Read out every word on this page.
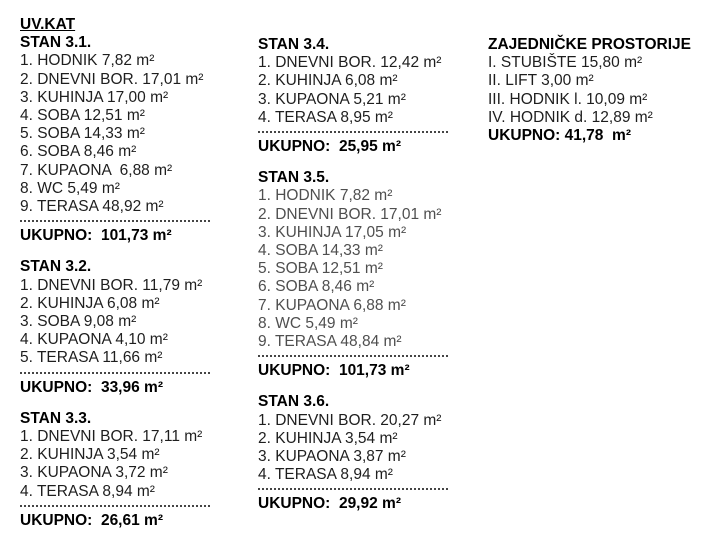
UV.KAT
STAN 3.1.
1. HODNIK 7,82 m²
2. DNEVNI BOR. 17,01 m²
3. KUHINJA 17,00 m²
4. SOBA 12,51 m²
5. SOBA 14,33 m²
6. SOBA 8,46 m²
7. KUPAONA  6,88 m²
8. WC 5,49 m²
9. TERASA 48,92 m²
UKUPNO:  101,73 m²
STAN 3.2.
1. DNEVNI BOR. 11,79 m²
2. KUHINJA 6,08 m²
3. SOBA 9,08 m²
4. KUPAONA 4,10 m²
5. TERASA 11,66 m²
UKUPNO:  33,96 m²
STAN 3.3.
1. DNEVNI BOR. 17,11 m²
2. KUHINJA 3,54 m²
3. KUPAONA 3,72 m²
4. TERASA 8,94 m²
UKUPNO:  26,61 m²
STAN 3.4.
1. DNEVNI BOR. 12,42 m²
2. KUHINJA 6,08 m²
3. KUPAONA 5,21 m²
4. TERASA 8,95 m²
UKUPNO:  25,95 m²
STAN 3.5.
1. HODNIK 7,82 m²
2. DNEVNI BOR. 17,01 m²
3. KUHINJA 17,05 m²
4. SOBA 14,33 m²
5. SOBA 12,51 m²
6. SOBA 8,46 m²
7. KUPAONA 6,88 m²
8. WC 5,49 m²
9. TERASA 48,84 m²
UKUPNO:  101,73 m²
STAN 3.6.
1. DNEVNI BOR. 20,27 m²
2. KUHINJA 3,54 m²
3. KUPAONA 3,87 m²
4. TERASA 8,94 m²
UKUPNO:  29,92 m²
ZAJEDNIČKE PROSTORIJE
I. STUBIŠTE 15,80 m²
II. LIFT 3,00 m²
III. HODNIK l. 10,09 m²
IV. HODNIK d. 12,89 m²
UKUPNO: 41,78  m²
